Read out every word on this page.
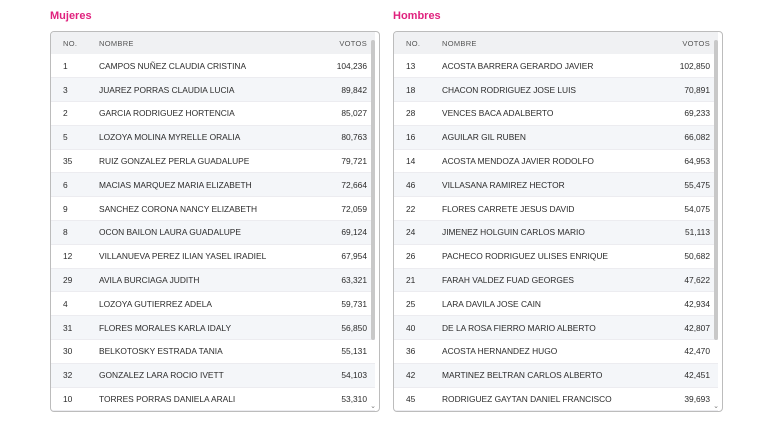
Mujeres
NO.	NOMBRE	VOTOS
1	CAMPOS NUÑEZ CLAUDIA CRISTINA	104,236
3	JUAREZ PORRAS CLAUDIA LUCIA	89,842
2	GARCIA RODRIGUEZ HORTENCIA	85,027
5	LOZOYA MOLINA MYRELLE ORALIA	80,763
35	RUIZ GONZALEZ PERLA GUADALUPE	79,721
6	MACIAS MARQUEZ MARIA ELIZABETH	72,664
9	SANCHEZ CORONA NANCY ELIZABETH	72,059
8	OCON BAILON LAURA GUADALUPE	69,124
12	VILLANUEVA PEREZ ILIAN YASEL IRADIEL	67,954
29	AVILA BURCIAGA JUDITH	63,321
4	LOZOYA GUTIERREZ ADELA	59,731
31	FLORES MORALES KARLA IDALY	56,850
30	BELKOTOSKY ESTRADA TANIA	55,131
32	GONZALEZ LARA ROCIO IVETT	54,103
10	TORRES PORRAS DANIELA ARALI	53,310
⌄
Hombres
NO.	NOMBRE	VOTOS
13	ACOSTA BARRERA GERARDO JAVIER	102,850
18	CHACON RODRIGUEZ JOSE LUIS	70,891
28	VENCES BACA ADALBERTO	69,233
16	AGUILAR GIL RUBEN	66,082
14	ACOSTA MENDOZA JAVIER RODOLFO	64,953
46	VILLASANA RAMIREZ HECTOR	55,475
22	FLORES CARRETE JESUS DAVID	54,075
24	JIMENEZ HOLGUIN CARLOS MARIO	51,113
26	PACHECO RODRIGUEZ ULISES ENRIQUE	50,682
21	FARAH VALDEZ FUAD GEORGES	47,622
25	LARA DAVILA JOSE CAIN	42,934
40	DE LA ROSA FIERRO MARIO ALBERTO	42,807
36	ACOSTA HERNANDEZ HUGO	42,470
42	MARTINEZ BELTRAN CARLOS ALBERTO	42,451
45	RODRIGUEZ GAYTAN DANIEL FRANCISCO	39,693
⌄
